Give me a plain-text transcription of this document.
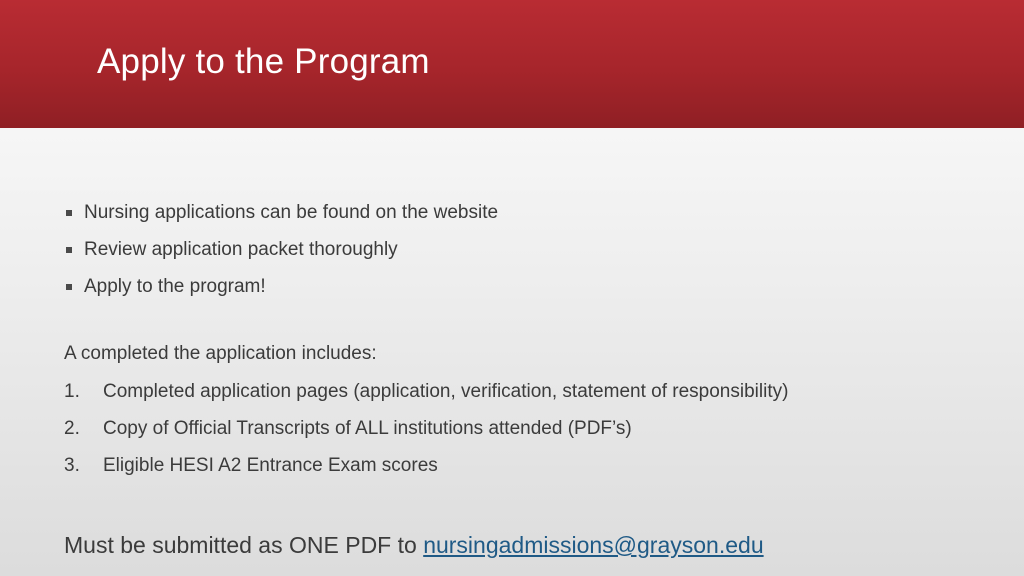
Apply to the Program
Nursing applications can be found on the website
Review application packet thoroughly
Apply to the program!
A completed the application includes:
1.	Completed application pages (application, verification, statement of responsibility)
2.	Copy of Official Transcripts of ALL institutions attended (PDF’s)
3.	Eligible HESI A2 Entrance Exam scores
Must be submitted as ONE PDF to nursingadmissions@grayson.edu
